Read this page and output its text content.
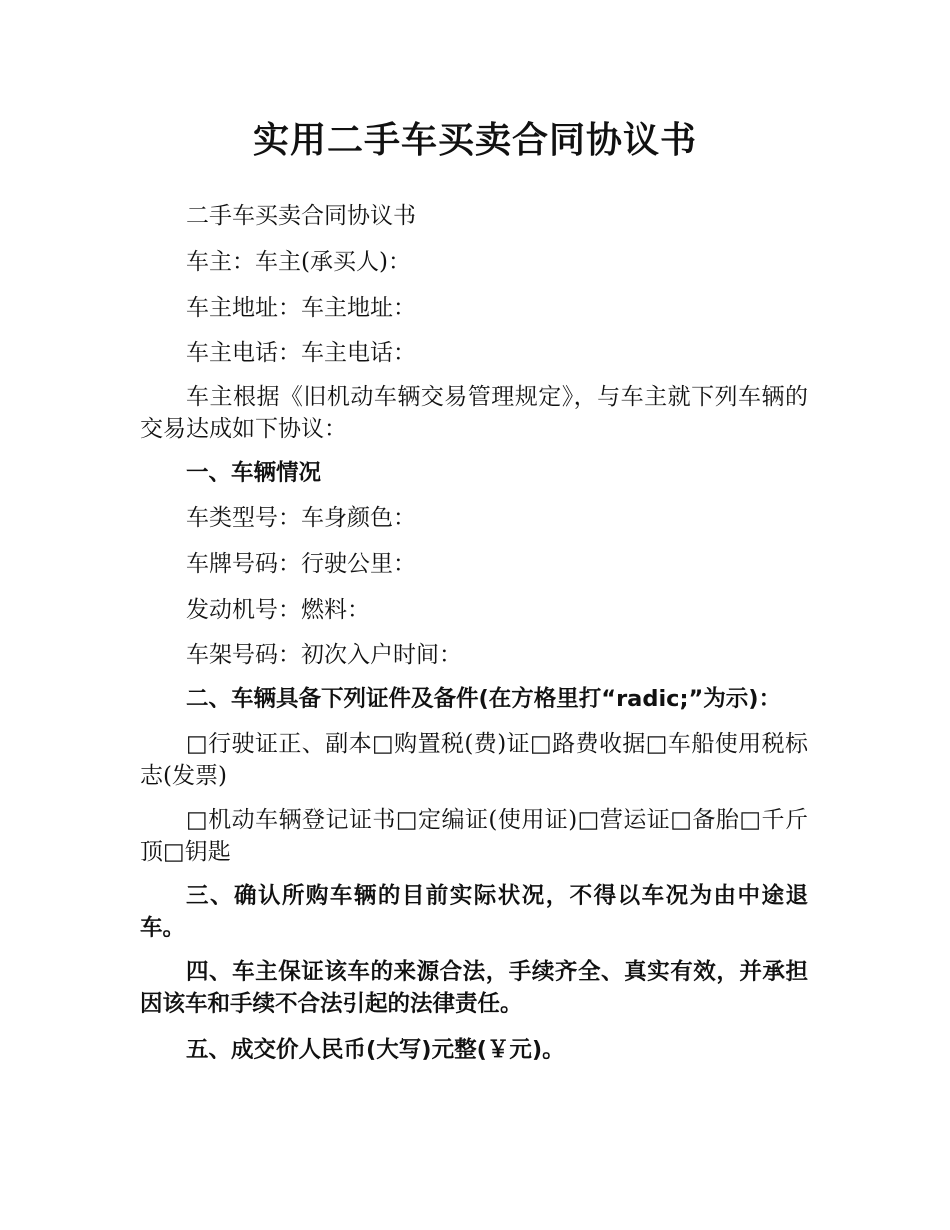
实用二手车买卖合同协议书

二手车买卖合同协议书

车主：车主(承买人)：

车主地址：车主地址：

车主电话：车主电话：

车主根据《旧机动车辆交易管理规定》，与车主就下列车辆的交易达成如下协议：

一、车辆情况

车类型号：车身颜色：

车牌号码：行驶公里：

发动机号：燃料：

车架号码：初次入户时间：

二、车辆具备下列证件及备件(在方格里打“radic;”为示)：

□行驶证正、副本□购置税(费)证□路费收据□车船使用税标志(发票)

□机动车辆登记证书□定编证(使用证)□营运证□备胎□千斤顶□钥匙

三、确认所购车辆的目前实际状况，不得以车况为由中途退车。

四、车主保证该车的来源合法，手续齐全、真实有效，并承担因该车和手续不合法引起的法律责任。

五、成交价人民币(大写)元整(￥元)。
